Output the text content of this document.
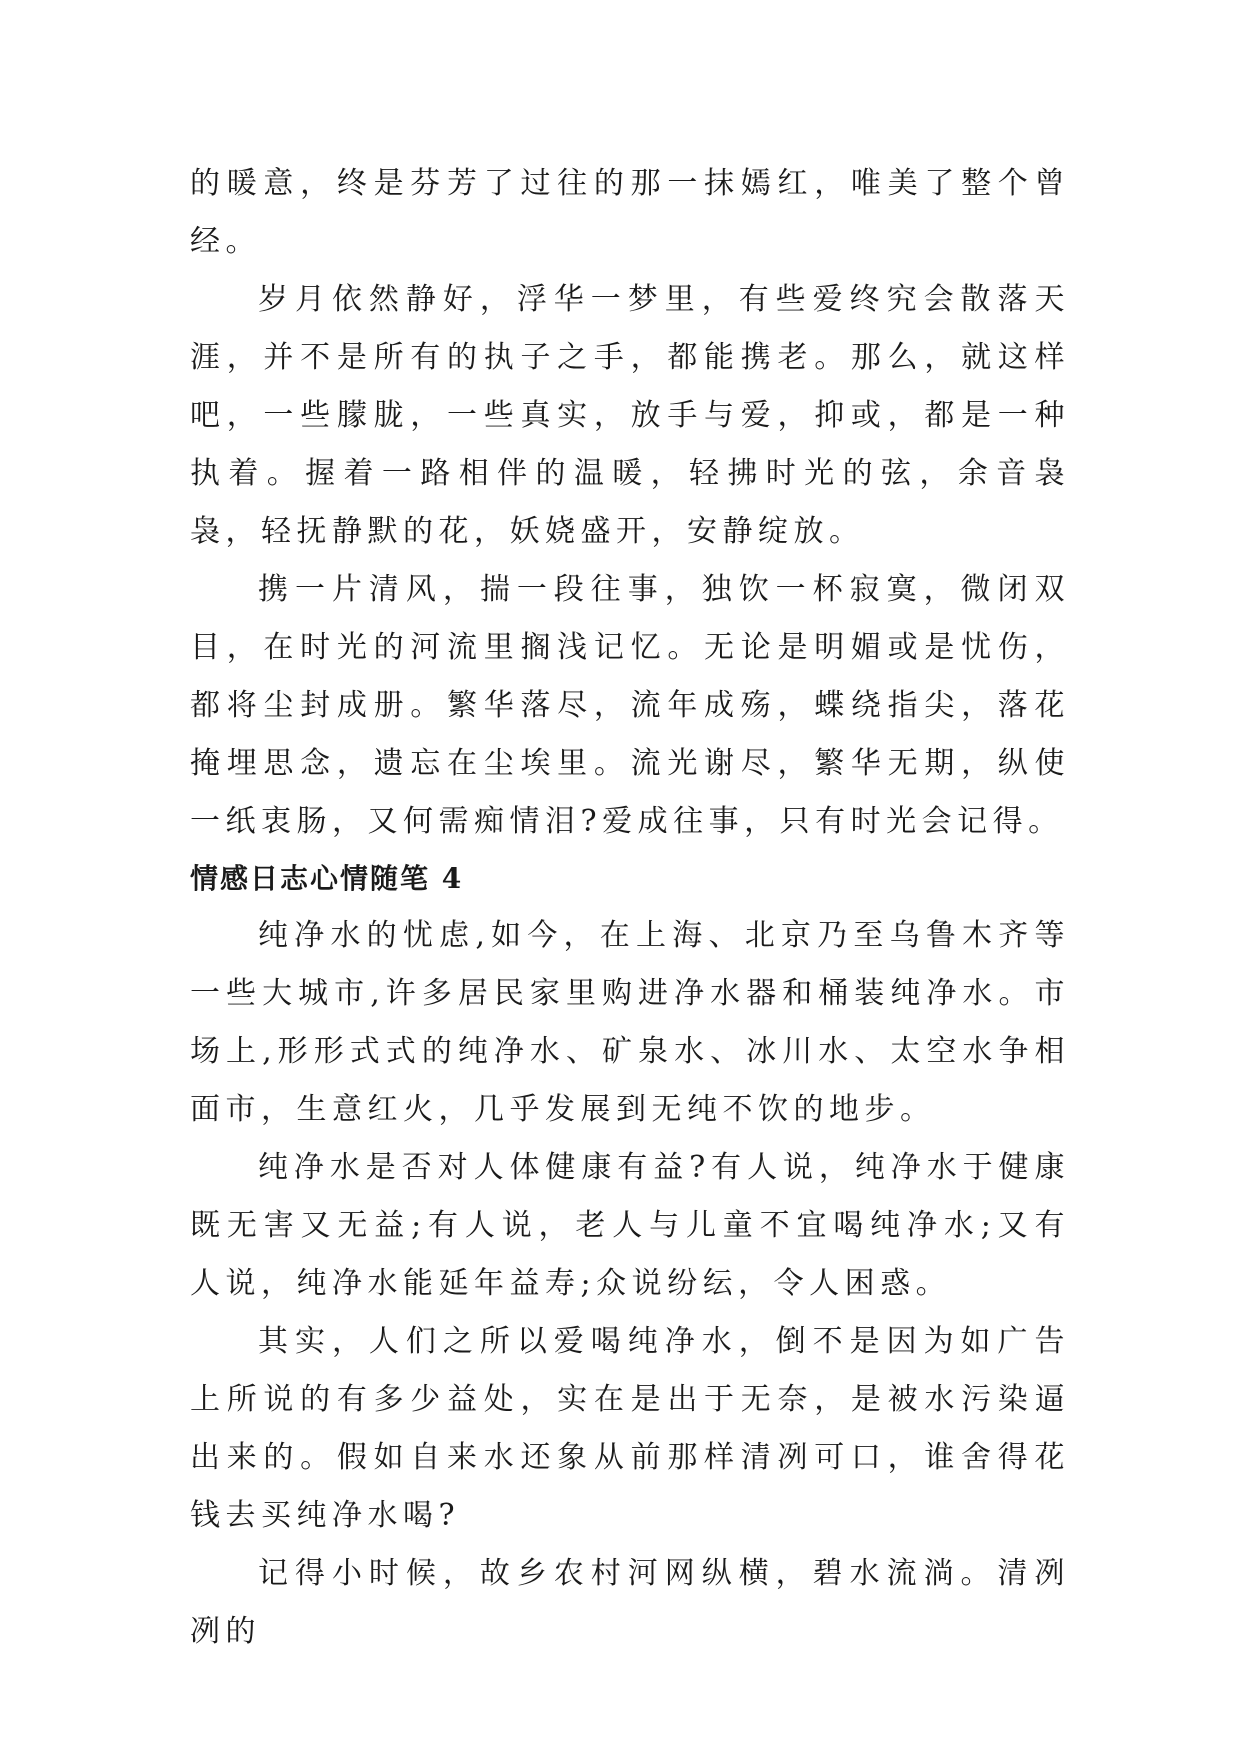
的暖意，终是芬芳了过往的那一抹嫣红，唯美了整个曾经。

岁月依然静好，浮华一梦里，有些爱终究会散落天涯，并不是所有的执子之手，都能携老。那么，就这样吧，一些朦胧，一些真实，放手与爱，抑或，都是一种执着。握着一路相伴的温暖，轻拂时光的弦，余音袅袅，轻抚静默的花，妖娆盛开，安静绽放。

携一片清风，揣一段往事，独饮一杯寂寞，微闭双目，在时光的河流里搁浅记忆。无论是明媚或是忧伤，都将尘封成册。繁华落尽，流年成殇，蝶绕指尖，落花掩埋思念，遗忘在尘埃里。流光谢尽，繁华无期，纵使一纸衷肠，又何需痴情泪?爱成往事，只有时光会记得。

情感日志心情随笔 4

纯净水的忧虑,如今，在上海、北京乃至乌鲁木齐等一些大城市,许多居民家里购进净水器和桶装纯净水。市场上,形形式式的纯净水、矿泉水、冰川水、太空水争相面市，生意红火，几乎发展到无纯不饮的地步。

纯净水是否对人体健康有益?有人说，纯净水于健康既无害又无益;有人说，老人与儿童不宜喝纯净水;又有人说，纯净水能延年益寿;众说纷纭，令人困惑。

其实，人们之所以爱喝纯净水，倒不是因为如广告上所说的有多少益处，实在是出于无奈，是被水污染逼出来的。假如自来水还象从前那样清冽可口，谁舍得花钱去买纯净水喝?

记得小时候，故乡农村河网纵横，碧水流淌。清冽冽的
